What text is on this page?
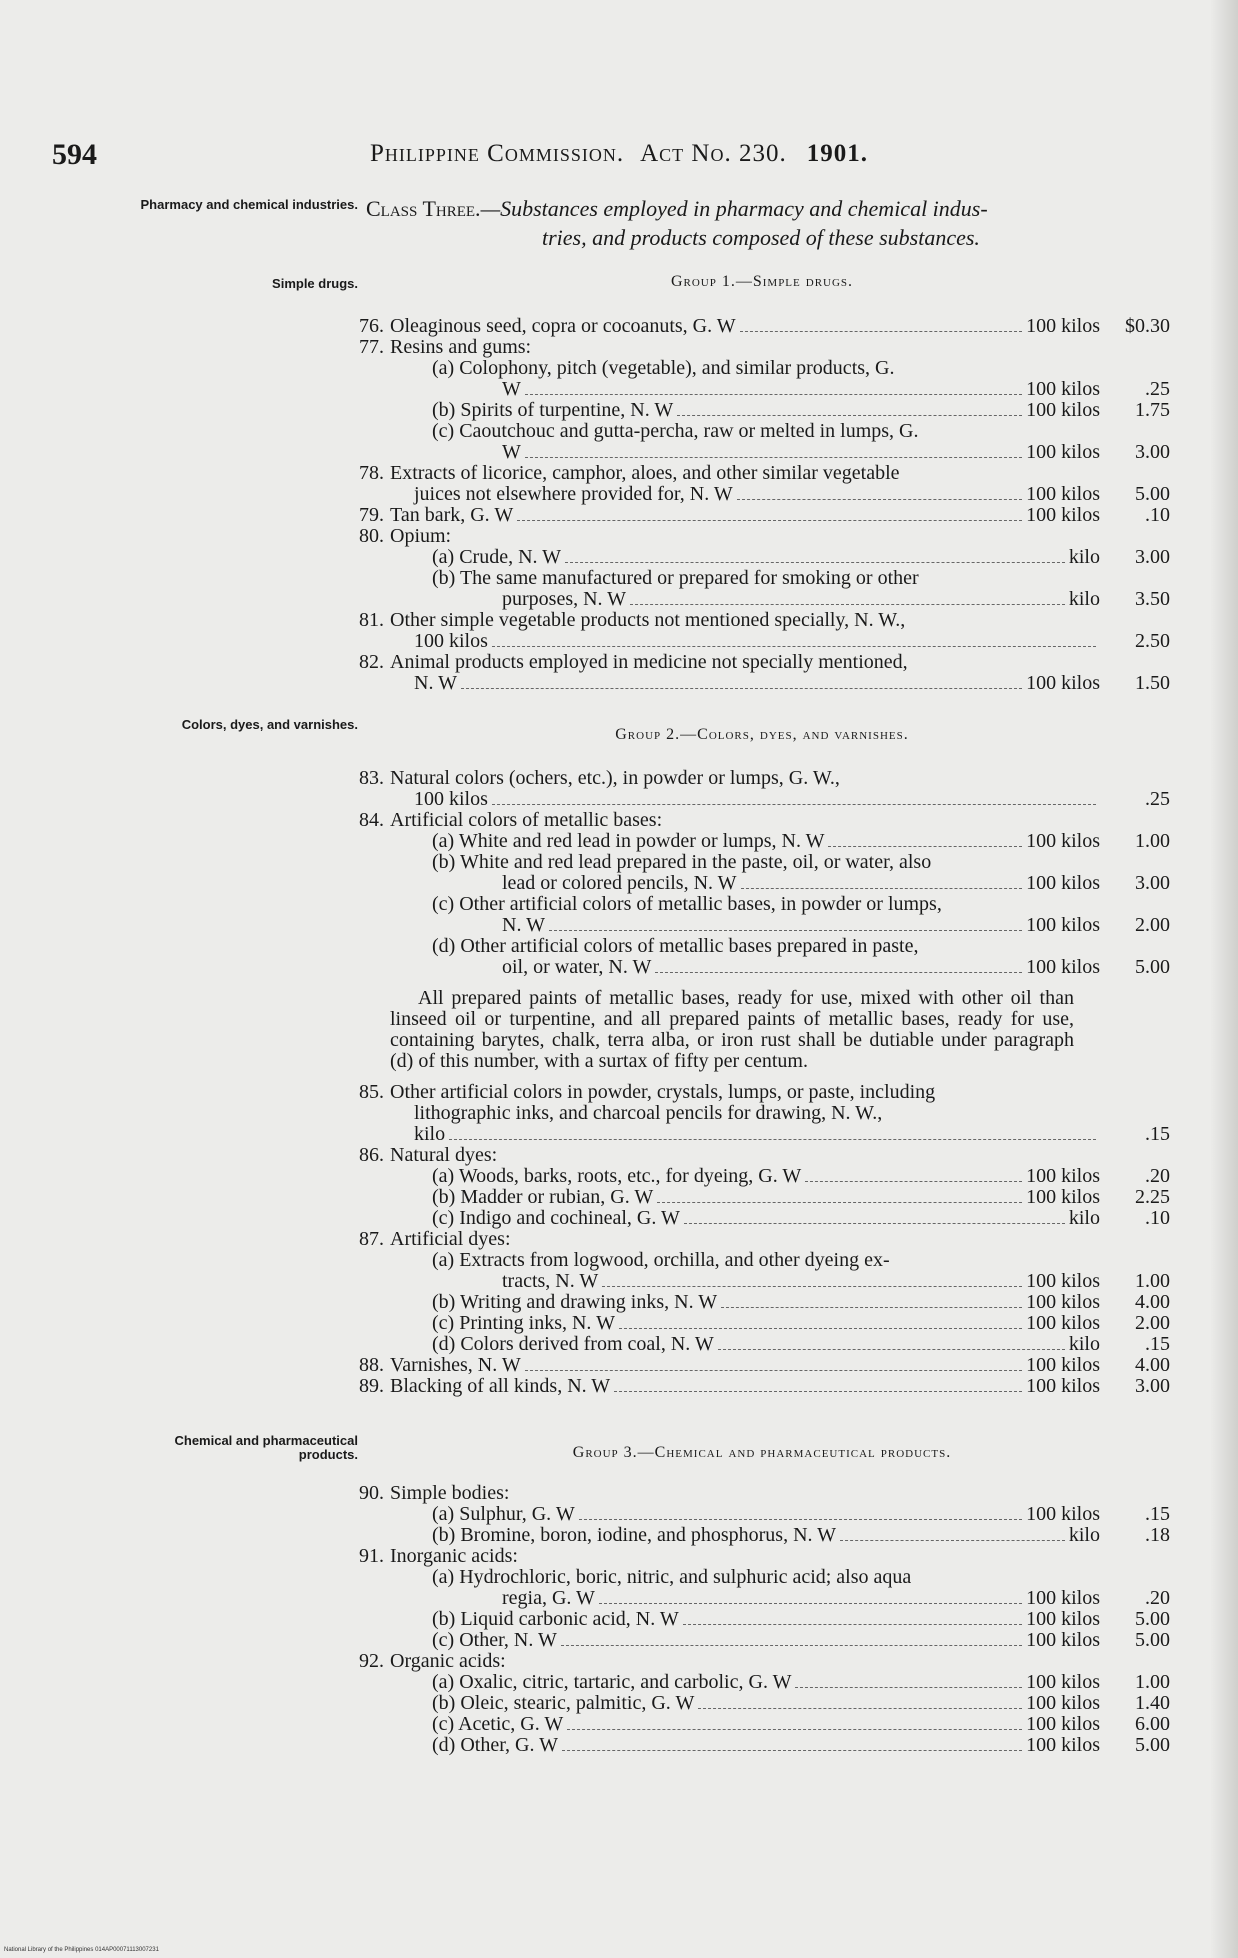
594	Philippine Commission. Act No. 230. 1901.
Pharmacy and chemical industries. Class Three.—Substances employed in pharmacy and chemical indus-
tries, and products composed of these substances.
Simple drugs.	Group 1.—Simple drugs.
76. Oleaginous seed, copra or cocoanuts, G. W	100 kilos	$0.30
77. Resins and gums:
(a) Colophony, pitch (vegetable), and similar products, G.
W	100 kilos	.25
(b) Spirits of turpentine, N. W	100 kilos	1.75
(c) Caoutchouc and gutta-percha, raw or melted in lumps, G.
W	100 kilos	3.00
78. Extracts of licorice, camphor, aloes, and other similar vegetable
juices not elsewhere provided for, N. W	100 kilos	5.00
79. Tan bark, G. W	100 kilos	.10
80. Opium:
(a) Crude, N. W	kilo	3.00
(b) The same manufactured or prepared for smoking or other
purposes, N. W	kilo	3.50
81. Other simple vegetable products not mentioned specially, N. W.,
100 kilos	2.50
82. Animal products employed in medicine not specially mentioned,
N. W	100 kilos	1.50
Colors, dyes, and varnishes.
Group 2.—Colors, dyes, and varnishes.
83. Natural colors (ochers, etc.), in powder or lumps, G. W.,
100 kilos	.25
84. Artificial colors of metallic bases:
(a) White and red lead in powder or lumps, N. W	100 kilos	1.00
(b) White and red lead prepared in the paste, oil, or water, also
lead or colored pencils, N. W	100 kilos	3.00
(c) Other artificial colors of metallic bases, in powder or lumps,
N. W	100 kilos	2.00
(d) Other artificial colors of metallic bases prepared in paste,
oil, or water, N. W	100 kilos	5.00
All prepared paints of metallic bases, ready for use, mixed with other oil than linseed oil or turpentine, and all prepared paints of metallic bases, ready for use, containing barytes, chalk, terra alba, or iron rust shall be dutiable under paragraph (d) of this number, with a surtax of fifty per centum.
85. Other artificial colors in powder, crystals, lumps, or paste, including
lithographic inks, and charcoal pencils for drawing, N. W.,
kilo	.15
86. Natural dyes:
(a) Woods, barks, roots, etc., for dyeing, G. W	100 kilos	.20
(b) Madder or rubian, G. W	100 kilos	2.25
(c) Indigo and cochineal, G. W	kilo	.10
87. Artificial dyes:
(a) Extracts from logwood, orchilla, and other dyeing ex-
tracts, N. W	100 kilos	1.00
(b) Writing and drawing inks, N. W	100 kilos	4.00
(c) Printing inks, N. W	100 kilos	2.00
(d) Colors derived from coal, N. W	kilo	.15
88. Varnishes, N. W	100 kilos	4.00
89. Blacking of all kinds, N. W	100 kilos	3.00
Chemical and pharmaceutical products.	Group 3.—Chemical and pharmaceutical products.
90. Simple bodies:
(a) Sulphur, G. W	100 kilos	.15
(b) Bromine, boron, iodine, and phosphorus, N. W	kilo	.18
91. Inorganic acids:
(a) Hydrochloric, boric, nitric, and sulphuric acid; also aqua
regia, G. W	100 kilos	.20
(b) Liquid carbonic acid, N. W	100 kilos	5.00
(c) Other, N. W	100 kilos	5.00
92. Organic acids:
(a) Oxalic, citric, tartaric, and carbolic, G. W	100 kilos	1.00
(b) Oleic, stearic, palmitic, G. W	100 kilos	1.40
(c) Acetic, G. W	100 kilos	6.00
(d) Other, G. W	100 kilos	5.00
National Library of the Philippines 014AP00071113007231
